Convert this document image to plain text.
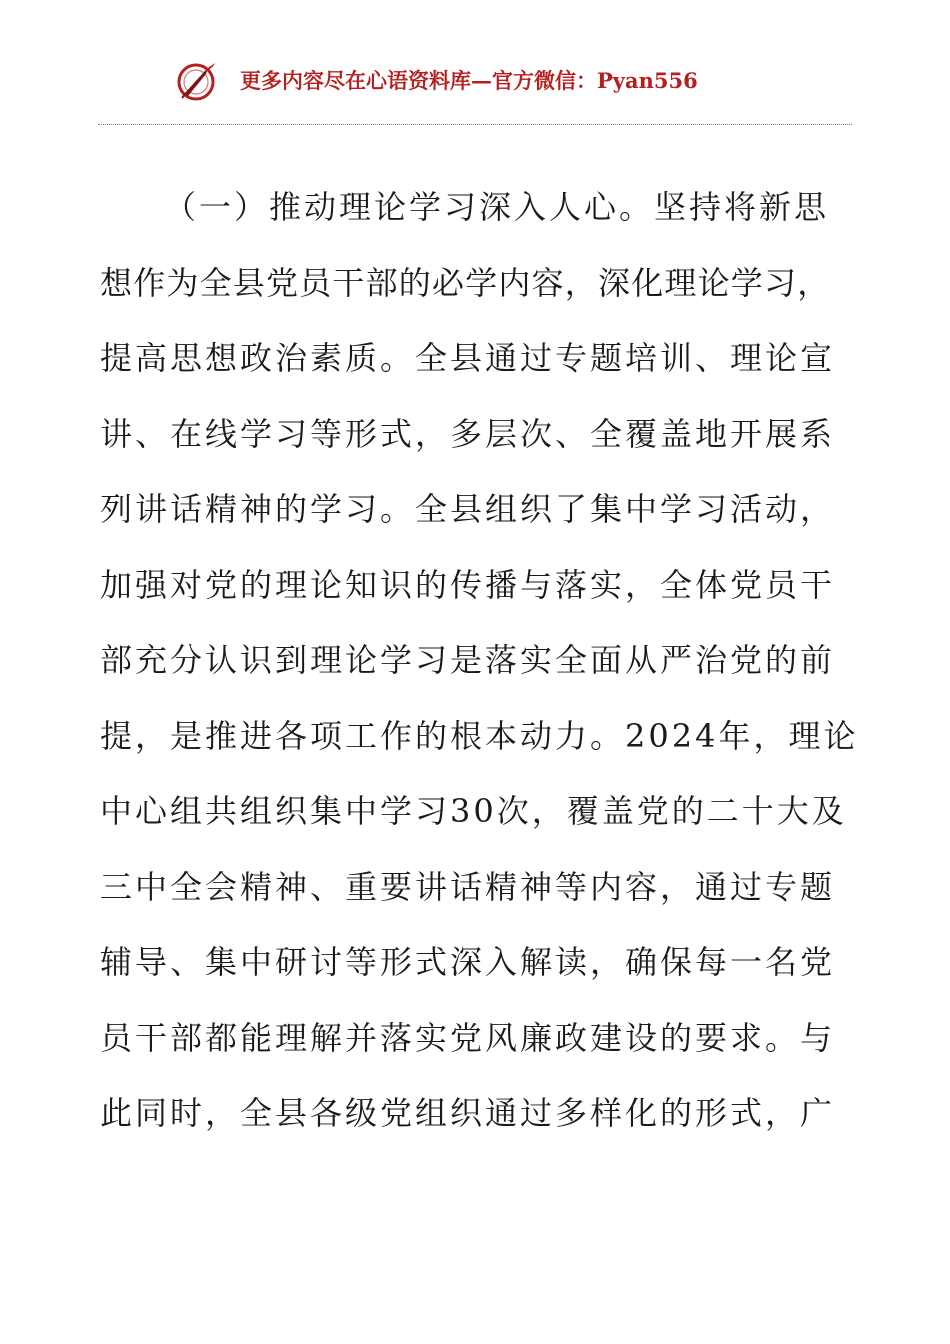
更多内容尽在心语资料库—官方微信：Pyan556
（一）推动理论学习深入人心。坚持将新思
想作为全县党员干部的必学内容，深化理论学习，
提高思想政治素质。全县通过专题培训、理论宣
讲、在线学习等形式，多层次、全覆盖地开展系
列讲话精神的学习。全县组织了集中学习活动，
加强对党的理论知识的传播与落实，全体党员干
部充分认识到理论学习是落实全面从严治党的前
提，是推进各项工作的根本动力。2024年，理论
中心组共组织集中学习30次，覆盖党的二十大及
三中全会精神、重要讲话精神等内容，通过专题
辅导、集中研讨等形式深入解读，确保每一名党
员干部都能理解并落实党风廉政建设的要求。与
此同时，全县各级党组织通过多样化的形式，广
